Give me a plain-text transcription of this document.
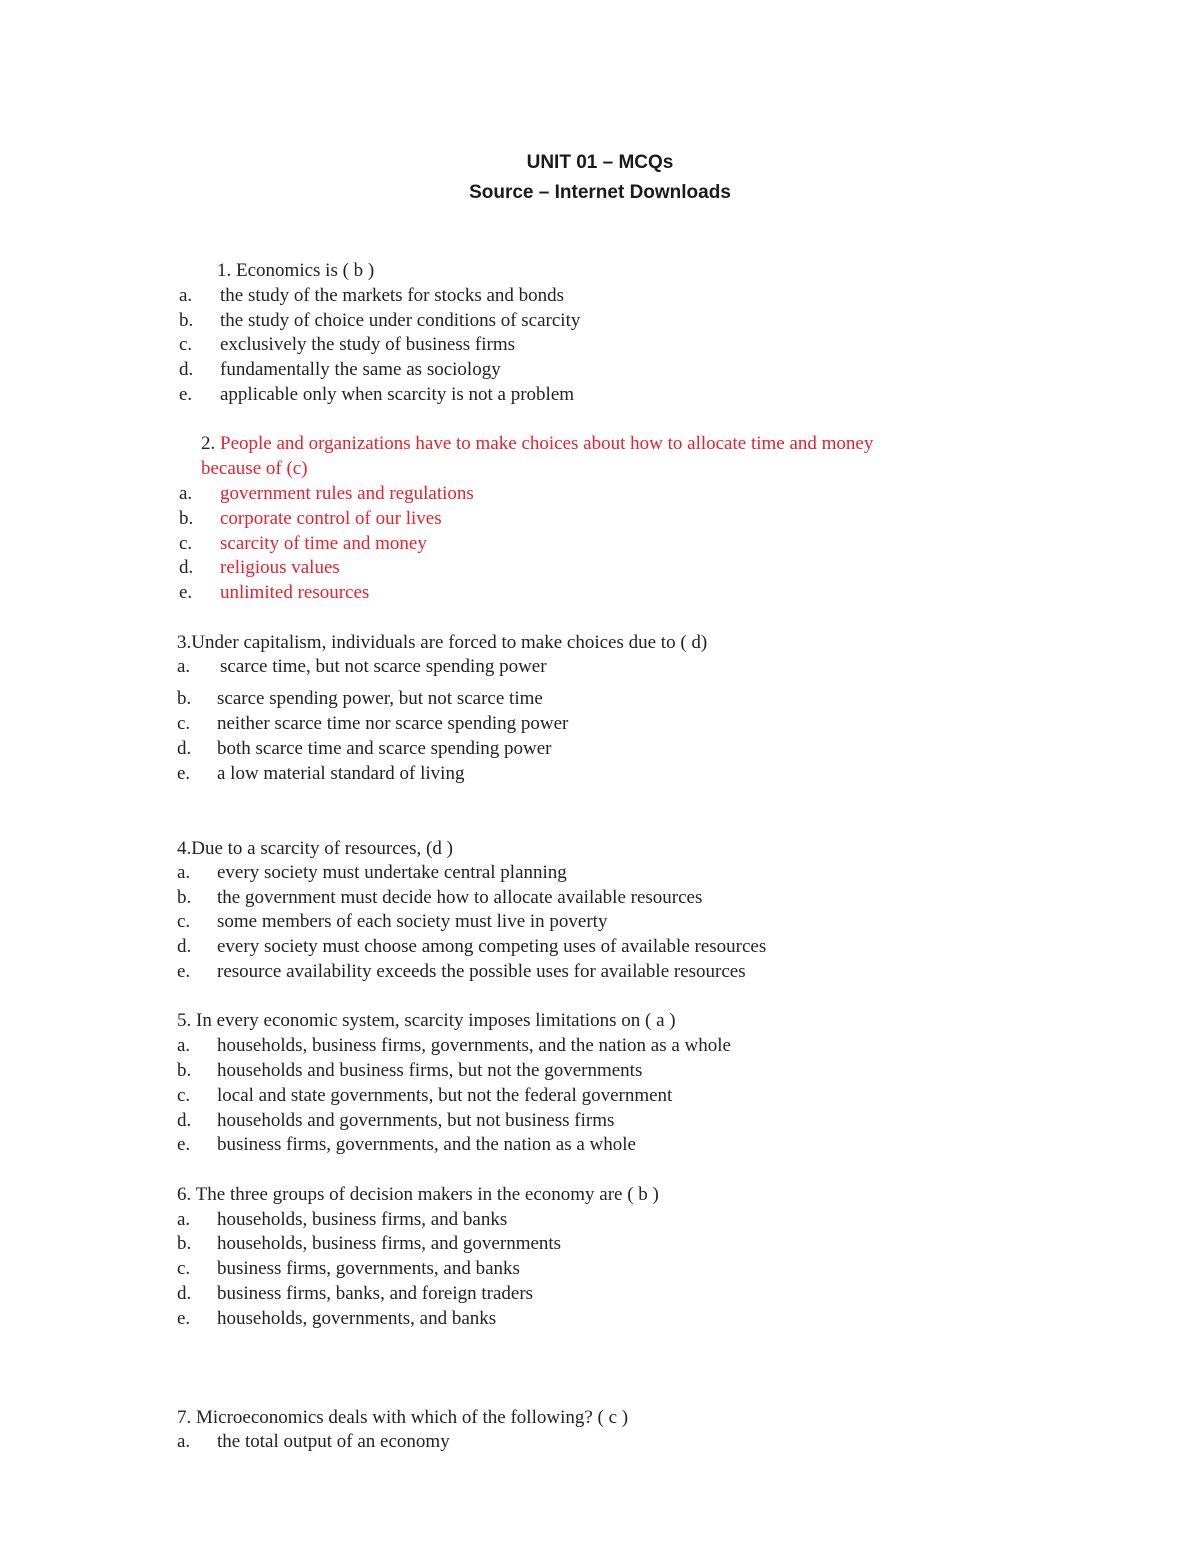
UNIT 01 – MCQs
Source – Internet Downloads
1. Economics is ( b )
a. the study of the markets for stocks and bonds
b. the study of choice under conditions of scarcity
c. exclusively the study of business firms
d. fundamentally the same as sociology
e. applicable only when scarcity is not a problem
2. People and organizations have to make choices about how to allocate time and money
because of (c)
a. government rules and regulations
b. corporate control of our lives
c. scarcity of time and money
d. religious values
e. unlimited resources
3.Under capitalism, individuals are forced to make choices due to ( d)
a. scarce time, but not scarce spending power
b. scarce spending power, but not scarce time
c. neither scarce time nor scarce spending power
d. both scarce time and scarce spending power
e. a low material standard of living
4.Due to a scarcity of resources, (d )
a. every society must undertake central planning
b. the government must decide how to allocate available resources
c. some members of each society must live in poverty
d. every society must choose among competing uses of available resources
e. resource availability exceeds the possible uses for available resources
5. In every economic system, scarcity imposes limitations on ( a )
a. households, business firms, governments, and the nation as a whole
b. households and business firms, but not the governments
c. local and state governments, but not the federal government
d. households and governments, but not business firms
e. business firms, governments, and the nation as a whole
6. The three groups of decision makers in the economy are ( b )
a. households, business firms, and banks
b. households, business firms, and governments
c. business firms, governments, and banks
d. business firms, banks, and foreign traders
e. households, governments, and banks
7. Microeconomics deals with which of the following? ( c )
a. the total output of an economy
